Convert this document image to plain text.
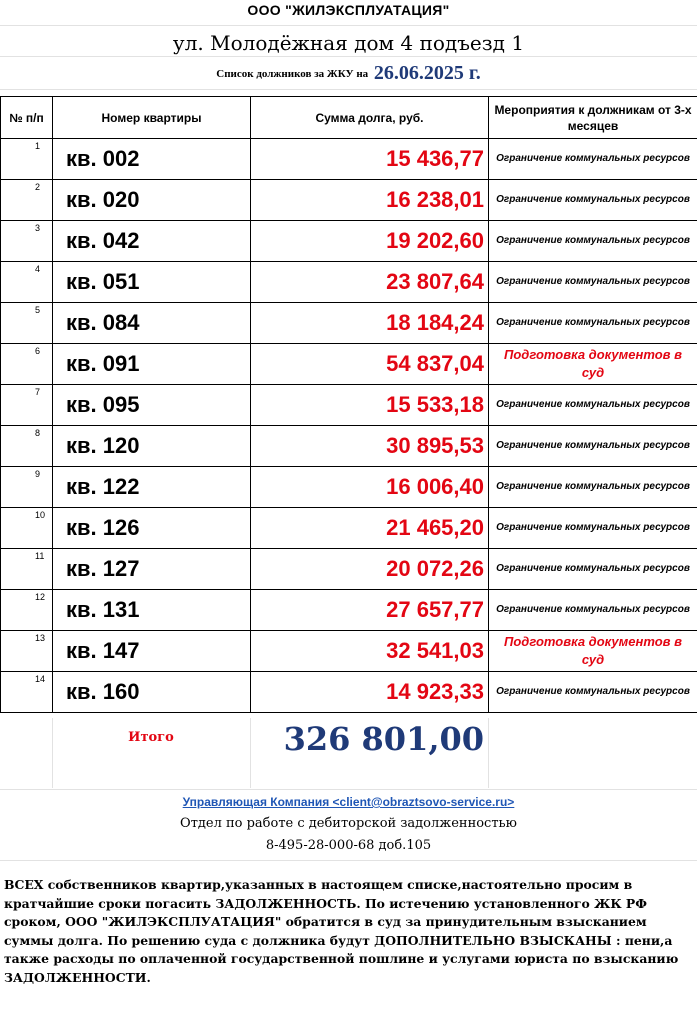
ООО "ЖИЛЭКСПЛУАТАЦИЯ"
ул. Молодёжная дом 4 подъезд 1
Список должников за ЖКУ на 26.06.2025 г.
№ п/п	Номер квартиры	Сумма долга, руб.	Мероприятия к должникам от 3-х месяцев

1	кв. 002	15 436,77	Ограничение коммунальных ресурсов

2	кв. 020	16 238,01	Ограничение коммунальных ресурсов

3	кв. 042	19 202,60	Ограничение коммунальных ресурсов

4	кв. 051	23 807,64	Ограничение коммунальных ресурсов

5	кв. 084	18 184,24	Ограничение коммунальных ресурсов

6	кв. 091	54 837,04	Подготовка документов в суд

7	кв. 095	15 533,18	Ограничение коммунальных ресурсов

8	кв. 120	30 895,53	Ограничение коммунальных ресурсов

9	кв. 122	16 006,40	Ограничение коммунальных ресурсов

10	кв. 126	21 465,20	Ограничение коммунальных ресурсов

11	кв. 127	20 072,26	Ограничение коммунальных ресурсов

12	кв. 131	27 657,77	Ограничение коммунальных ресурсов

13	кв. 147	32 541,03	Подготовка документов в суд

14	кв. 160	14 923,33	Ограничение коммунальных ресурсов
Итого	326 801,00
Управляющая Компания <client@obraztsovo-service.ru>
Отдел по работе с дебиторской задолженностью
8-495-28-000-68 доб.105
ВСЕХ собственников квартир,указанных в настоящем списке,настоятельно просим в кратчайшие сроки погасить ЗАДОЛЖЕННОСТЬ. По истечению установленного ЖК РФ сроком, ООО "ЖИЛЭКСПЛУАТАЦИЯ" обратится в суд за принудительным взысканием суммы долга. По решению суда с должника будут ДОПОЛНИТЕЛЬНО ВЗЫСКАНЫ : пени,а также расходы по оплаченной государственной пошлине и услугами юриста по взысканию ЗАДОЛЖЕННОСТИ.
